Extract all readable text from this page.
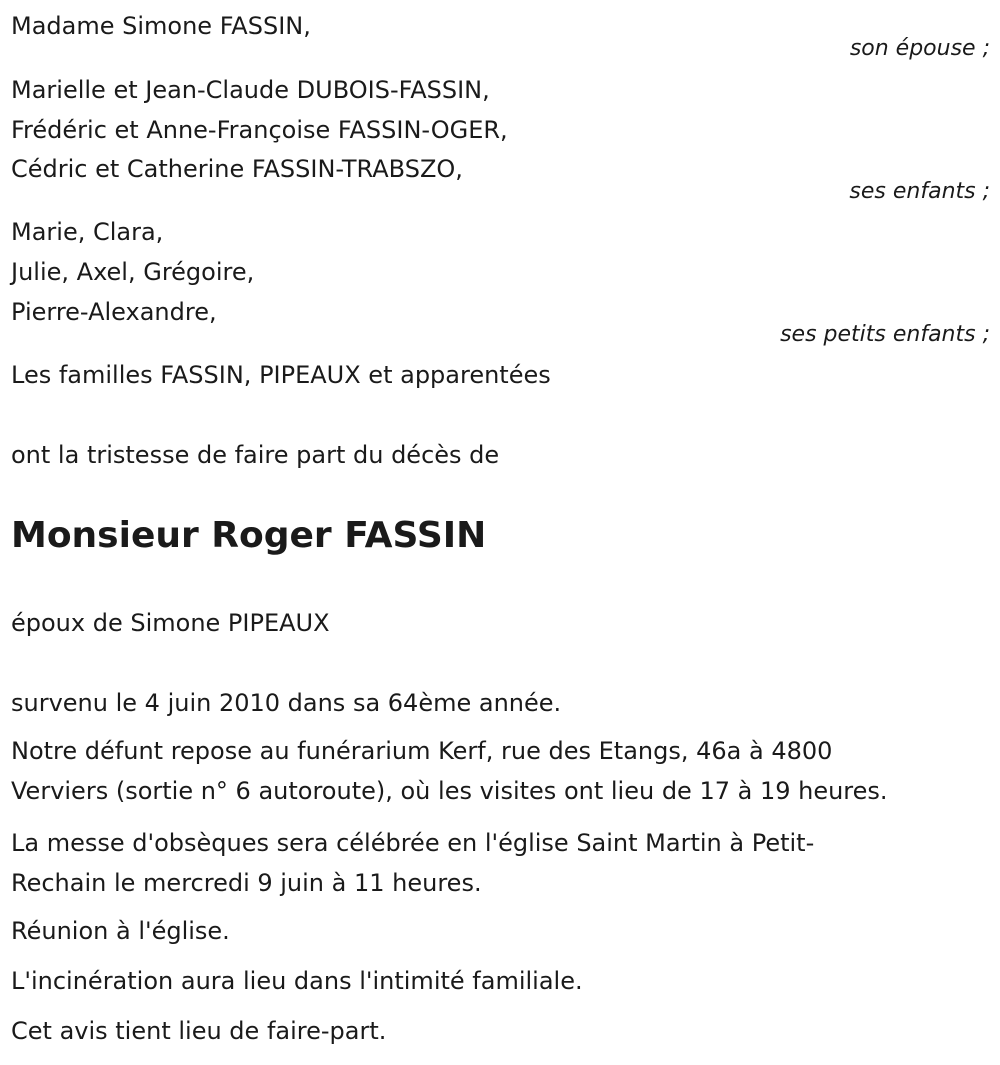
Madame Simone FASSIN,
son épouse ;
Marielle et Jean-Claude DUBOIS-FASSIN,
Frédéric et Anne-Françoise FASSIN-OGER,
Cédric et Catherine FASSIN-TRABSZO,
ses enfants ;
Marie, Clara,
Julie, Axel, Grégoire,
Pierre-Alexandre,
ses petits enfants ;
Les familles FASSIN, PIPEAUX et apparentées
ont la tristesse de faire part du décès de
Monsieur Roger FASSIN
époux de Simone PIPEAUX
survenu le 4 juin 2010 dans sa 64ème année.
Notre défunt repose au funérarium Kerf, rue des Etangs, 46a à 4800
Verviers (sortie n° 6 autoroute), où les visites ont lieu de 17 à 19 heures.
La messe d'obsèques sera célébrée en l'église Saint Martin à Petit-
Rechain le mercredi 9 juin à 11 heures.
Réunion à l'église.
L'incinération aura lieu dans l'intimité familiale.
Cet avis tient lieu de faire-part.
